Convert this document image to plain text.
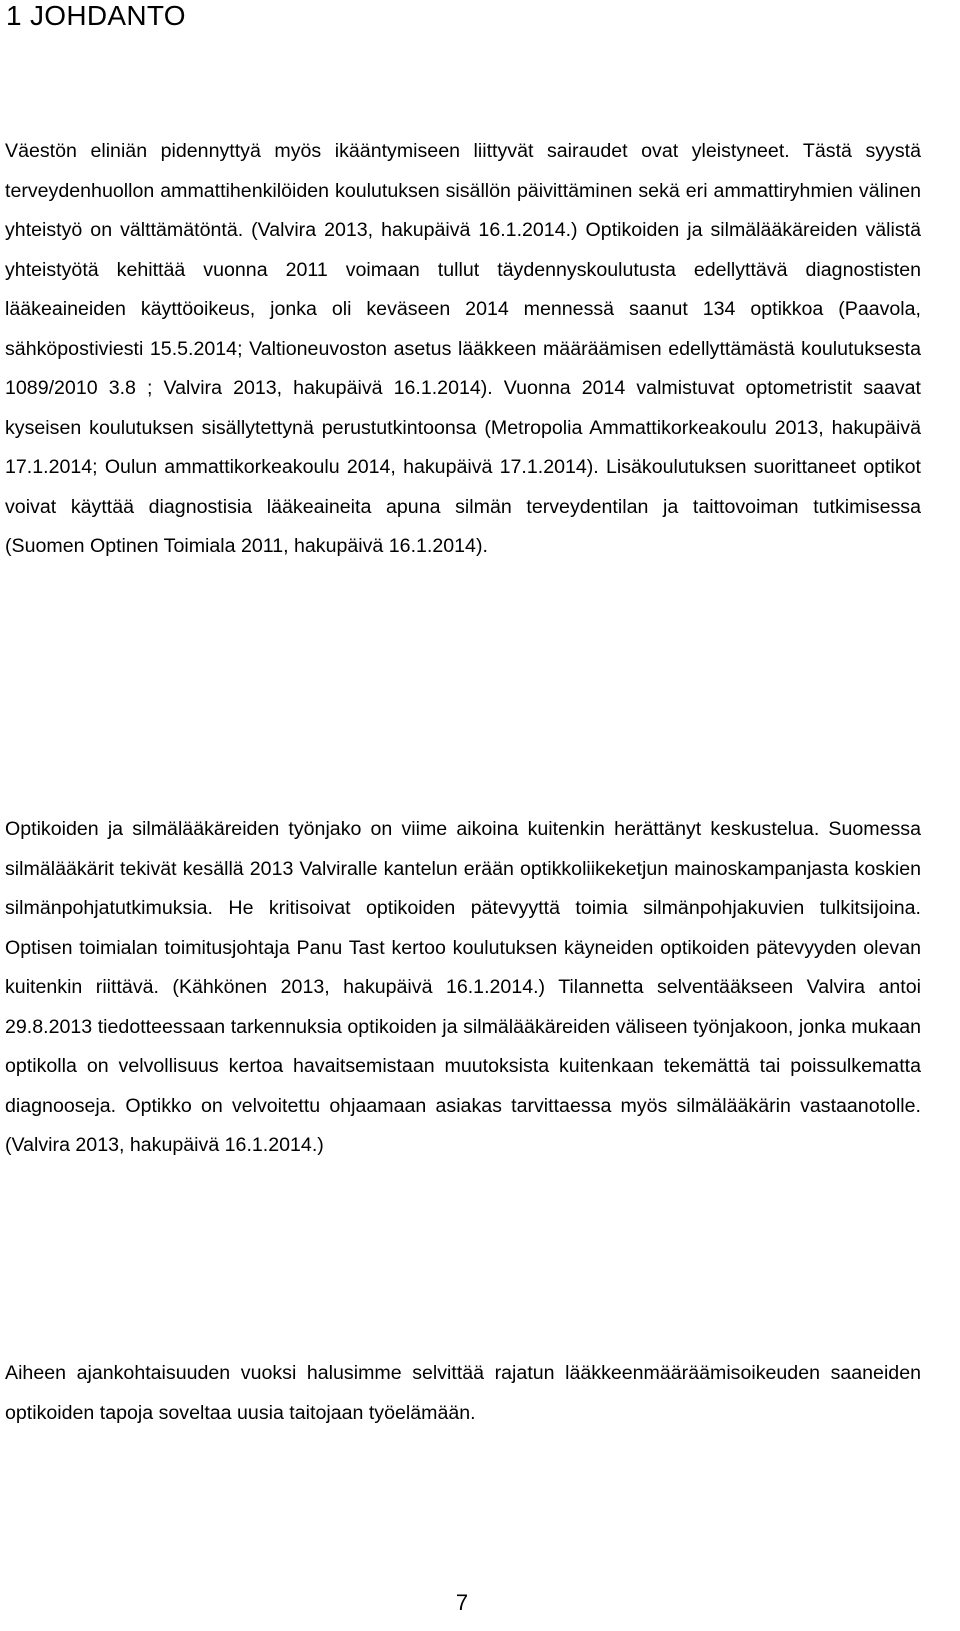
1 JOHDANTO

Väestön eliniän pidennyttyä myös ikääntymiseen liittyvät sairaudet ovat yleistyneet. Tästä syystä terveydenhuollon ammattihenkilöiden koulutuksen sisällön päivittäminen sekä eri ammattiryhmien välinen yhteistyö on välttämätöntä. (Valvira 2013, hakupäivä 16.1.2014.) Optikoiden ja silmälääkäreiden välistä yhteistyötä kehittää vuonna 2011 voimaan tullut täydennyskoulutusta edellyttävä diagnostisten lääkeaineiden käyttöoikeus, jonka oli keväseen 2014 mennessä saanut 134 optikkoa (Paavola, sähköpostiviesti 15.5.2014; Valtioneuvoston asetus lääkkeen määräämisen edellyttämästä koulutuksesta 1089/2010 3.8 ; Valvira 2013, hakupäivä 16.1.2014). Vuonna 2014 valmistuvat optometristit saavat kyseisen koulutuksen sisällytettynä perustutkintoonsa (Metropolia Ammattikorkeakoulu 2013, hakupäivä 17.1.2014; Oulun ammattikorkeakoulu 2014, hakupäivä 17.1.2014). Lisäkoulutuksen suorittaneet optikot voivat käyttää diagnostisia lääkeaineita apuna silmän terveydentilan ja taittovoiman tutkimisessa (Suomen Optinen Toimiala 2011, hakupäivä 16.1.2014).

Optikoiden ja silmälääkäreiden työnjako on viime aikoina kuitenkin herättänyt keskustelua. Suomessa silmälääkärit tekivät kesällä 2013 Valviralle kantelun erään optikkoliikeketjun mainoskampanjasta koskien silmänpohjatutkimuksia. He kritisoivat optikoiden pätevyyttä toimia silmänpohjakuvien tulkitsijoina. Optisen toimialan toimitusjohtaja Panu Tast kertoo koulutuksen käyneiden optikoiden pätevyyden olevan kuitenkin riittävä. (Kähkönen 2013, hakupäivä 16.1.2014.) Tilannetta selventääkseen Valvira antoi 29.8.2013 tiedotteessaan tarkennuksia optikoiden ja silmälääkäreiden väliseen työnjakoon, jonka mukaan optikolla on velvollisuus kertoa havaitsemistaan muutoksista kuitenkaan tekemättä tai poissulkematta diagnooseja. Optikko on velvoitettu ohjaamaan asiakas tarvittaessa myös silmälääkärin vastaanotolle. (Valvira 2013, hakupäivä 16.1.2014.)

Aiheen ajankohtaisuuden vuoksi halusimme selvittää rajatun lääkkeenmääräämisoikeuden saaneiden optikoiden tapoja soveltaa uusia taitojaan työelämään.

7
